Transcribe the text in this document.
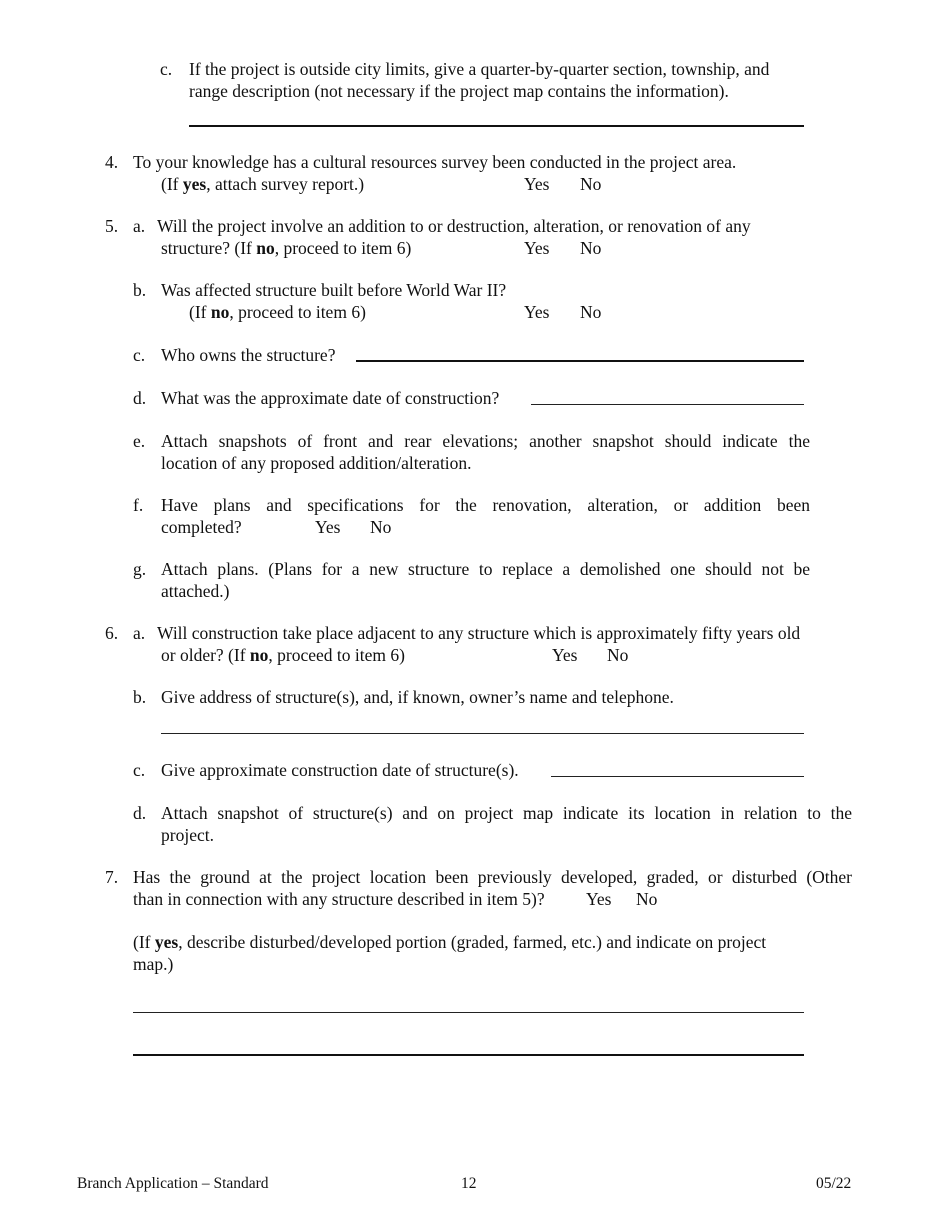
c. If the project is outside city limits, give a quarter-by-quarter section, township, and
range description (not necessary if the project map contains the information).
4. To your knowledge has a cultural resources survey been conducted in the project area.
(If yes, attach survey report.)	Yes No
5. a. Will the project involve an addition to or destruction, alteration, or renovation of any
structure? (If no, proceed to item 6)	Yes No
b. Was affected structure built before World War II?
(If no, proceed to item 6)	Yes No
c. Who owns the structure?
d. What was the approximate date of construction?
e. Attach snapshots of front and rear elevations; another snapshot should indicate the
location of any proposed addition/alteration.
f. Have plans and specifications for the renovation, alteration, or addition been
completed?	Yes No
g. Attach plans. (Plans for a new structure to replace a demolished one should not be
attached.)
6. a. Will construction take place adjacent to any structure which is approximately fifty years old
or older? (If no, proceed to item 6)	Yes No
b. Give address of structure(s), and, if known, owner’s name and telephone.
c. Give approximate construction date of structure(s).
d. Attach snapshot of structure(s) and on project map indicate its location in relation to the
project.
7. Has the ground at the project location been previously developed, graded, or disturbed (Other
than in connection with any structure described in item 5)? Yes No
(If yes, describe disturbed/developed portion (graded, farmed, etc.) and indicate on project
map.)
Branch Application – Standard	12	05/22
